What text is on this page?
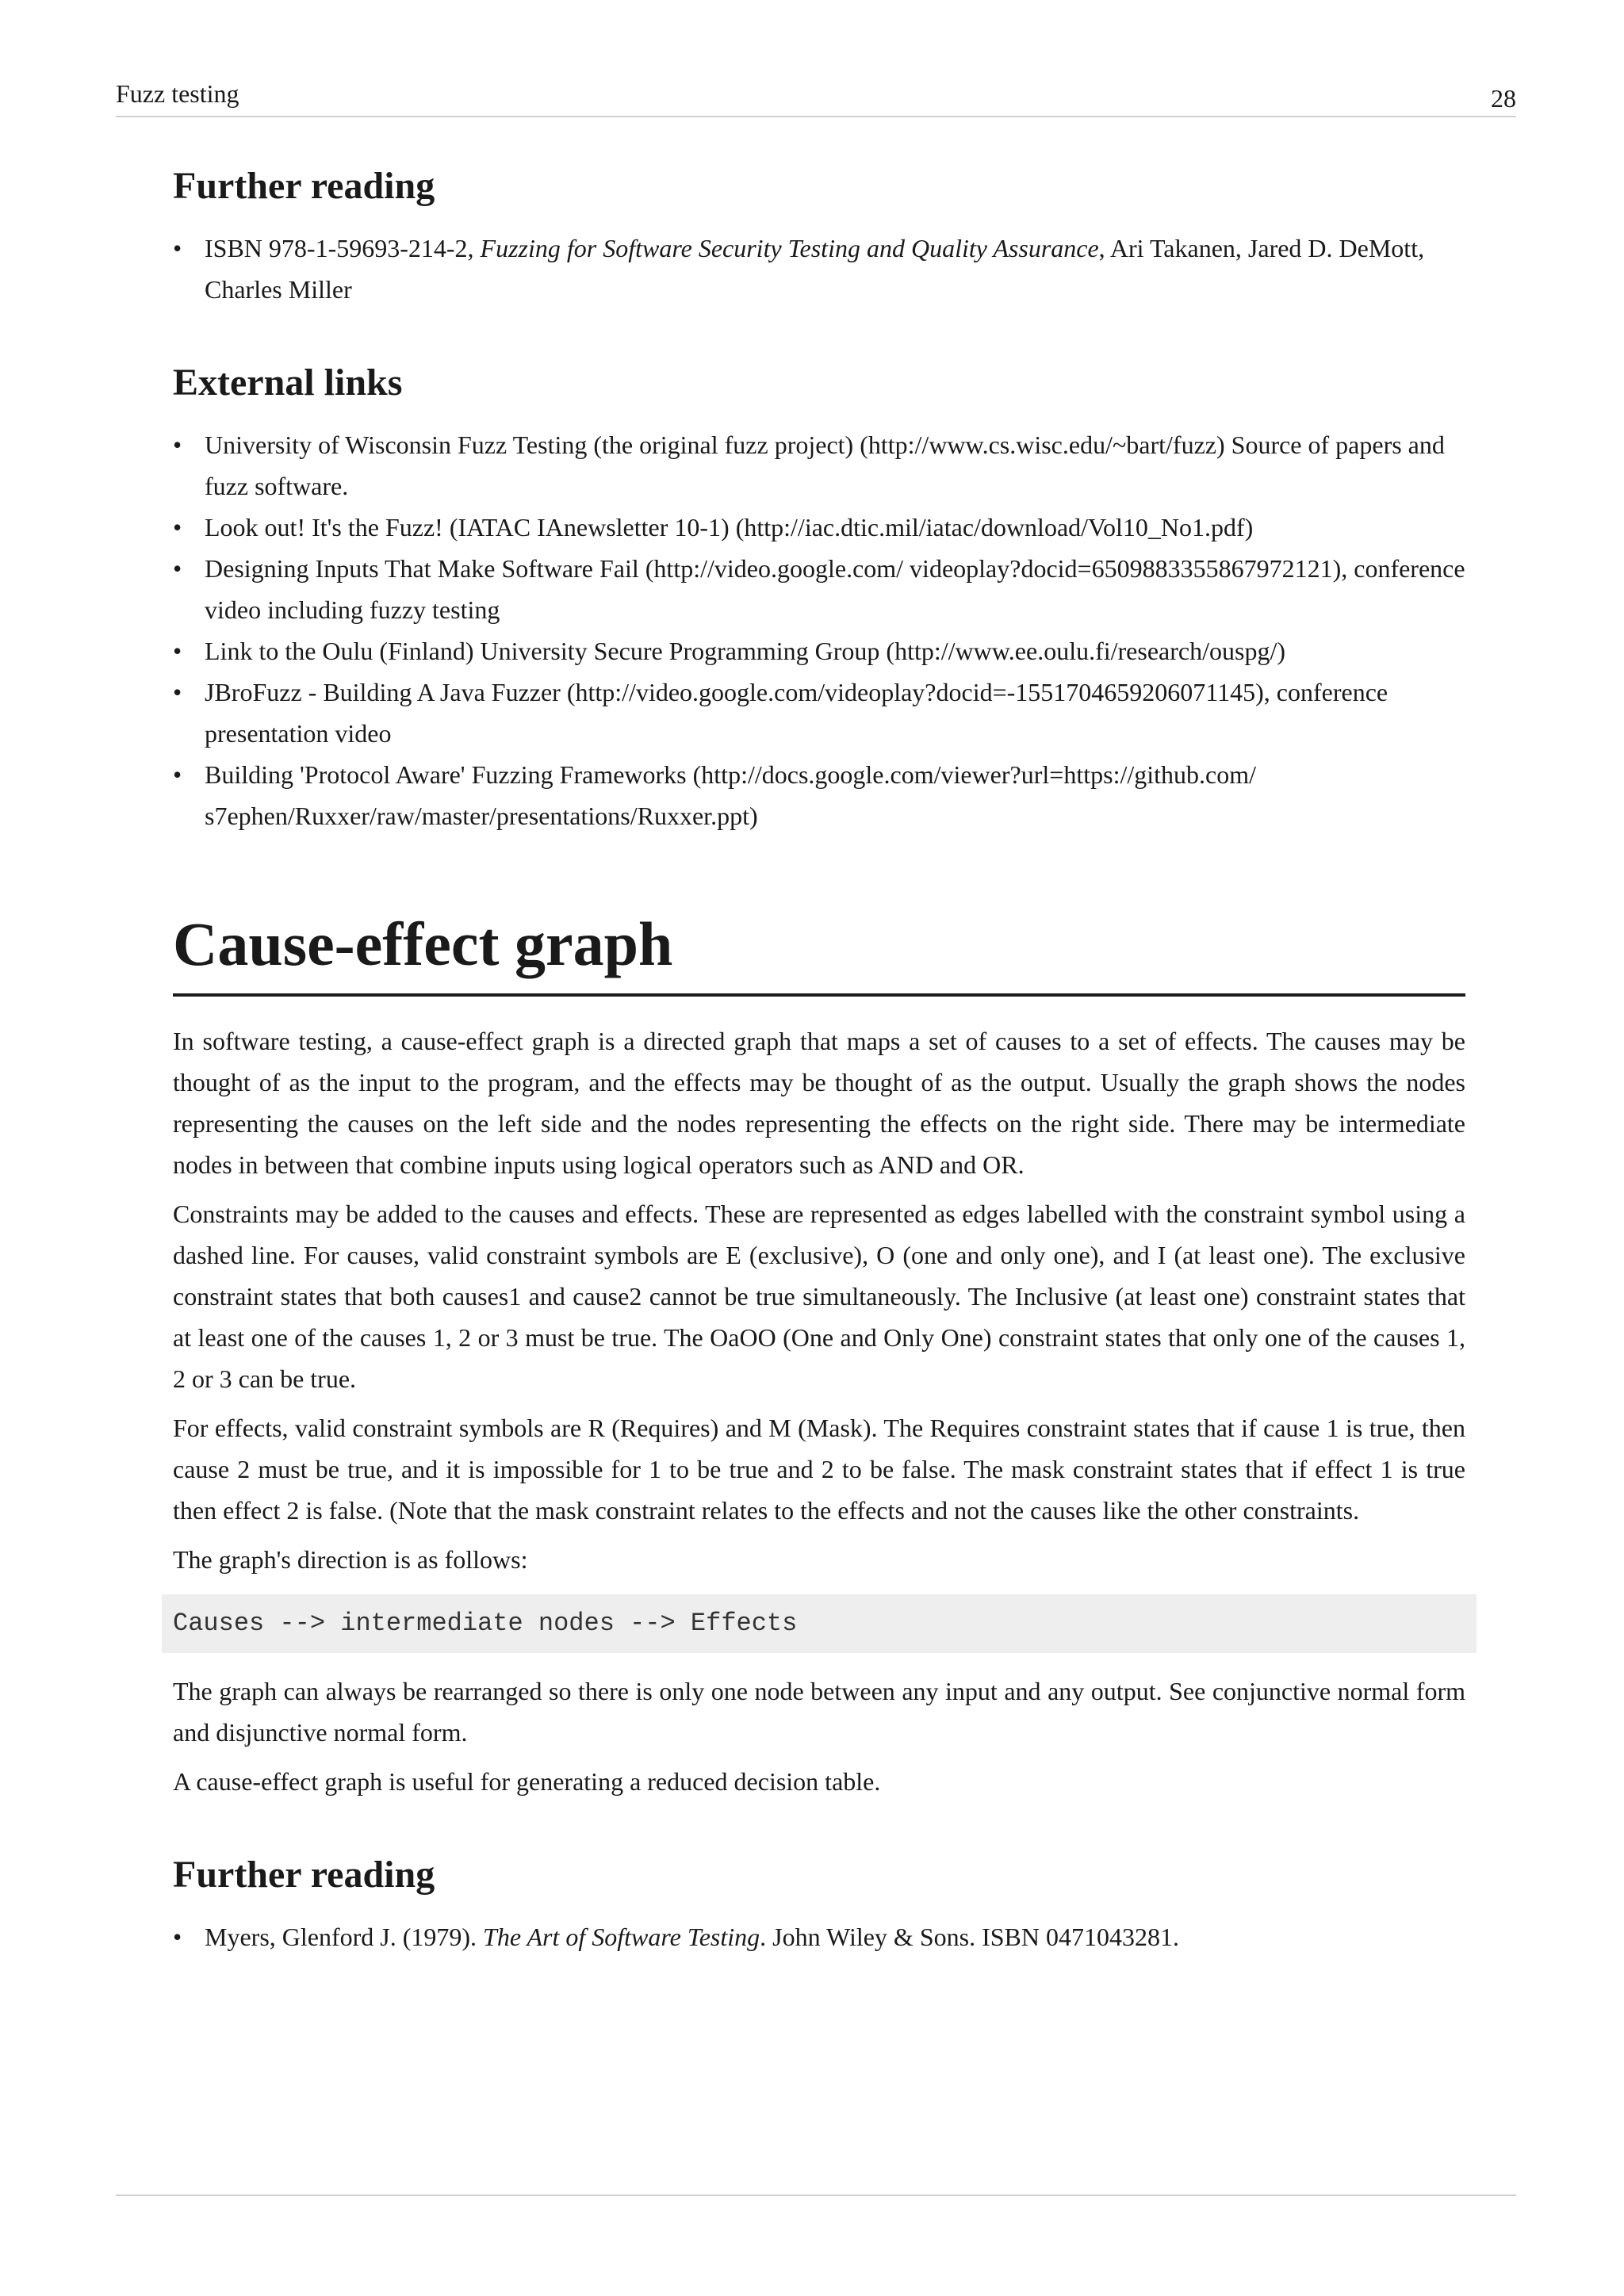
Fuzz testing	28
Further reading
• ISBN 978-1-59693-214-2, Fuzzing for Software Security Testing and Quality Assurance, Ari Takanen, Jared D. DeMott, Charles Miller
External links
• University of Wisconsin Fuzz Testing (the original fuzz project) (http://www.cs.wisc.edu/~bart/fuzz) Source of papers and fuzz software.
• Look out! It's the Fuzz! (IATAC IAnewsletter 10-1) (http://iac.dtic.mil/iatac/download/Vol10_No1.pdf)
• Designing Inputs That Make Software Fail (http://video.google.com/ videoplay?docid=6509883355867972121), conference video including fuzzy testing
• Link to the Oulu (Finland) University Secure Programming Group (http://www.ee.oulu.fi/research/ouspg/)
• JBroFuzz - Building A Java Fuzzer (http://video.google.com/videoplay?docid=-1551704659206071145), conference presentation video
• Building 'Protocol Aware' Fuzzing Frameworks (http://docs.google.com/viewer?url=https://github.com/ s7ephen/Ruxxer/raw/master/presentations/Ruxxer.ppt)
Cause-effect graph

In software testing, a cause-effect graph is a directed graph that maps a set of causes to a set of effects. The causes may be thought of as the input to the program, and the effects may be thought of as the output. Usually the graph shows the nodes representing the causes on the left side and the nodes representing the effects on the right side. There may be intermediate nodes in between that combine inputs using logical operators such as AND and OR.

Constraints may be added to the causes and effects. These are represented as edges labelled with the constraint symbol using a dashed line. For causes, valid constraint symbols are E (exclusive), O (one and only one), and I (at least one). The exclusive constraint states that both causes1 and cause2 cannot be true simultaneously. The Inclusive (at least one) constraint states that at least one of the causes 1, 2 or 3 must be true. The OaOO (One and Only One) constraint states that only one of the causes 1, 2 or 3 can be true.

For effects, valid constraint symbols are R (Requires) and M (Mask). The Requires constraint states that if cause 1 is true, then cause 2 must be true, and it is impossible for 1 to be true and 2 to be false. The mask constraint states that if effect 1 is true then effect 2 is false. (Note that the mask constraint relates to the effects and not the causes like the other constraints.

The graph's direction is as follows:

Causes --> intermediate nodes --> Effects

The graph can always be rearranged so there is only one node between any input and any output. See conjunctive normal form and disjunctive normal form.

A cause-effect graph is useful for generating a reduced decision table.

Further reading
• Myers, Glenford J. (1979). The Art of Software Testing. John Wiley & Sons. ISBN 0471043281.
